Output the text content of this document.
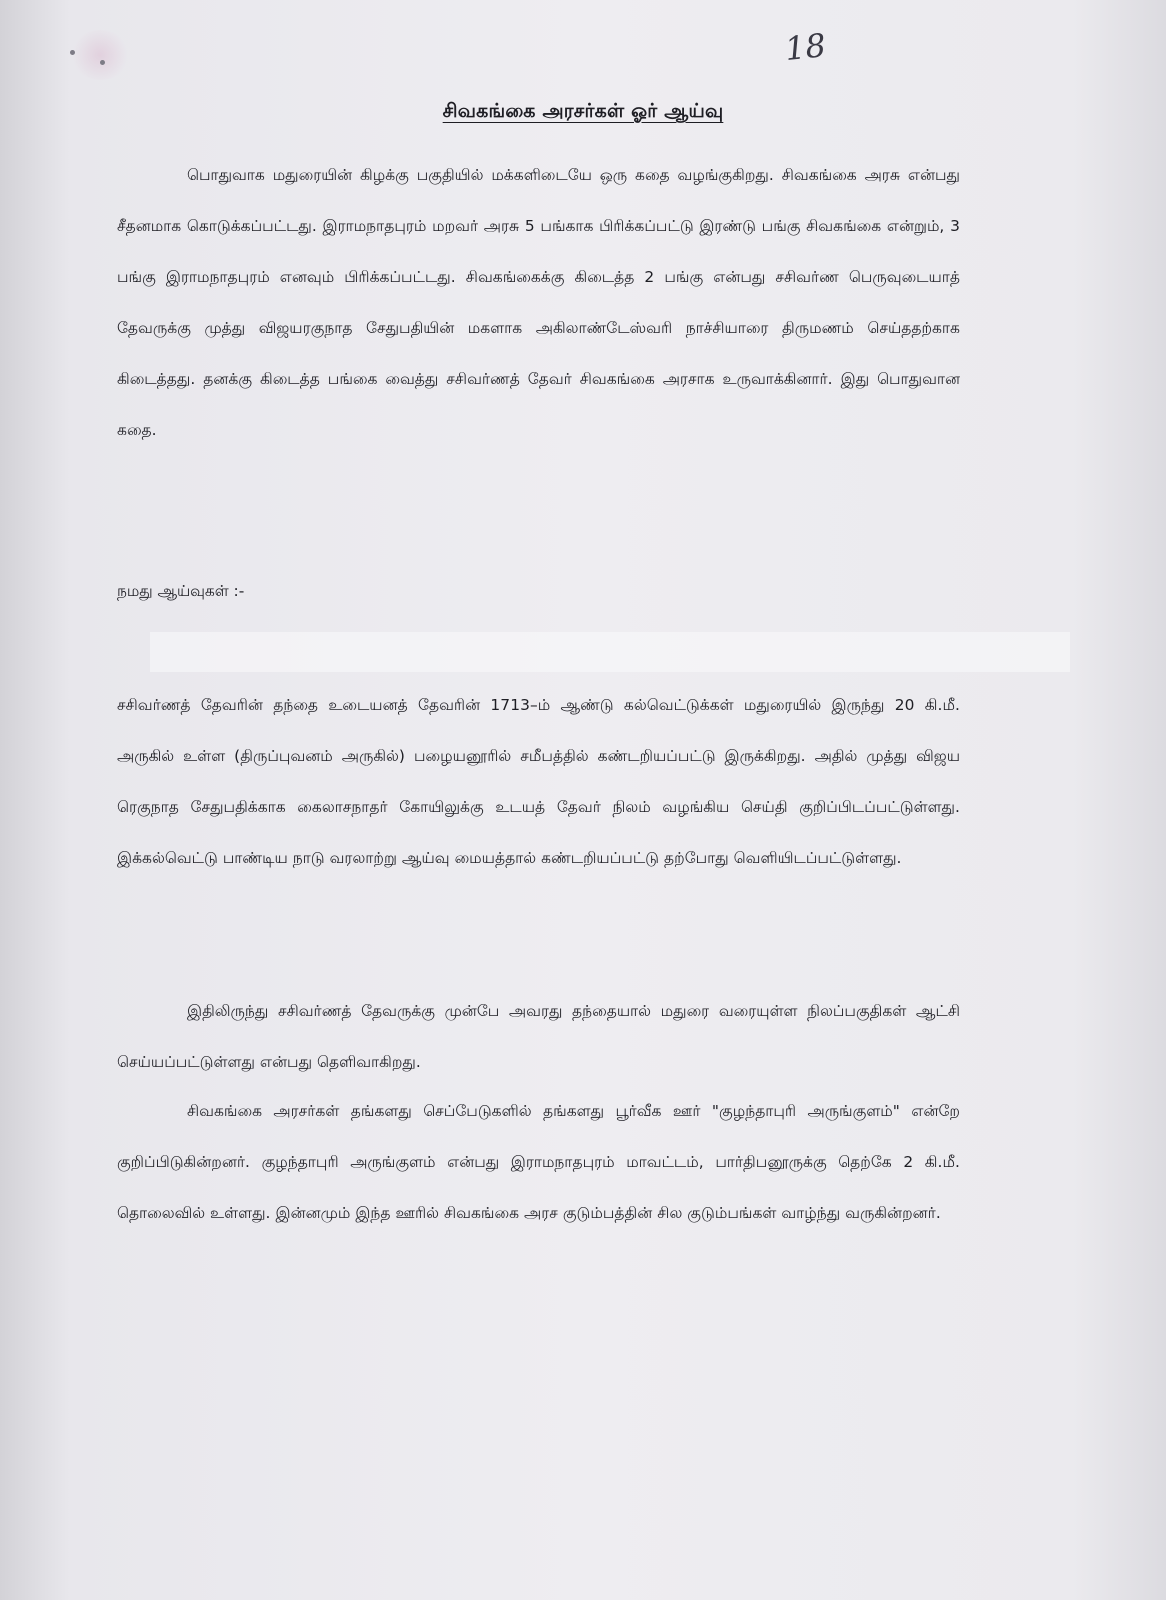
18
சிவகங்கை அரசர்கள் ஓர் ஆய்வு
பொதுவாக மதுரையின் கிழக்கு பகுதியில் மக்களிடையே ஒரு கதை வழங்குகிறது. சிவகங்கை அரசு என்பது சீதனமாக கொடுக்கப்பட்டது. இராமநாதபுரம் மறவர் அரசு 5 பங்காக பிரிக்கப்பட்டு இரண்டு பங்கு சிவகங்கை என்றும், 3 பங்கு இராமநாதபுரம் எனவும் பிரிக்கப்பட்டது. சிவகங்கைக்கு கிடைத்த 2 பங்கு என்பது சசிவர்ண பெருவுடையாத் தேவருக்கு முத்து விஜயரகுநாத சேதுபதியின் மகளாக அகிலாண்டேஸ்வரி நாச்சியாரை திருமணம் செய்ததற்காக கிடைத்தது. தனக்கு கிடைத்த பங்கை வைத்து சசிவர்ணத் தேவர் சிவகங்கை அரசாக உருவாக்கினார். இது பொதுவான கதை.
நமது ஆய்வுகள் :-
சசிவர்ணத் தேவரின் தந்தை உடையனத் தேவரின் 1713–ம் ஆண்டு கல்வெட்டுக்கள் மதுரையில் இருந்து 20 கி.மீ. அருகில் உள்ள (திருப்புவனம் அருகில்) பழையனூரில் சமீபத்தில் கண்டறியப்பட்டு இருக்கிறது. அதில் முத்து விஜய ரெகுநாத சேதுபதிக்காக கைலாசநாதர் கோயிலுக்கு உடயத் தேவர் நிலம் வழங்கிய செய்தி குறிப்பிடப்பட்டுள்ளது. இக்கல்வெட்டு பாண்டிய நாடு வரலாற்று ஆய்வு மையத்தால் கண்டறியப்பட்டு தற்போது வெளியிடப்பட்டுள்ளது.
இதிலிருந்து சசிவர்ணத் தேவருக்கு முன்பே அவரது தந்தையால் மதுரை வரையுள்ள நிலப்பகுதிகள் ஆட்சி செய்யப்பட்டுள்ளது என்பது தெளிவாகிறது.
சிவகங்கை அரசர்கள் தங்களது செப்பேடுகளில் தங்களது பூர்வீக ஊர் "குழந்தாபுரி அருங்குளம்" என்றே குறிப்பிடுகின்றனர். குழந்தாபுரி அருங்குளம் என்பது இராமநாதபுரம் மாவட்டம், பார்திபனூருக்கு தெற்கே 2 கி.மீ. தொலைவில் உள்ளது. இன்னமும் இந்த ஊரில் சிவகங்கை அரச குடும்பத்தின் சில குடும்பங்கள் வாழ்ந்து வருகின்றனர்.
